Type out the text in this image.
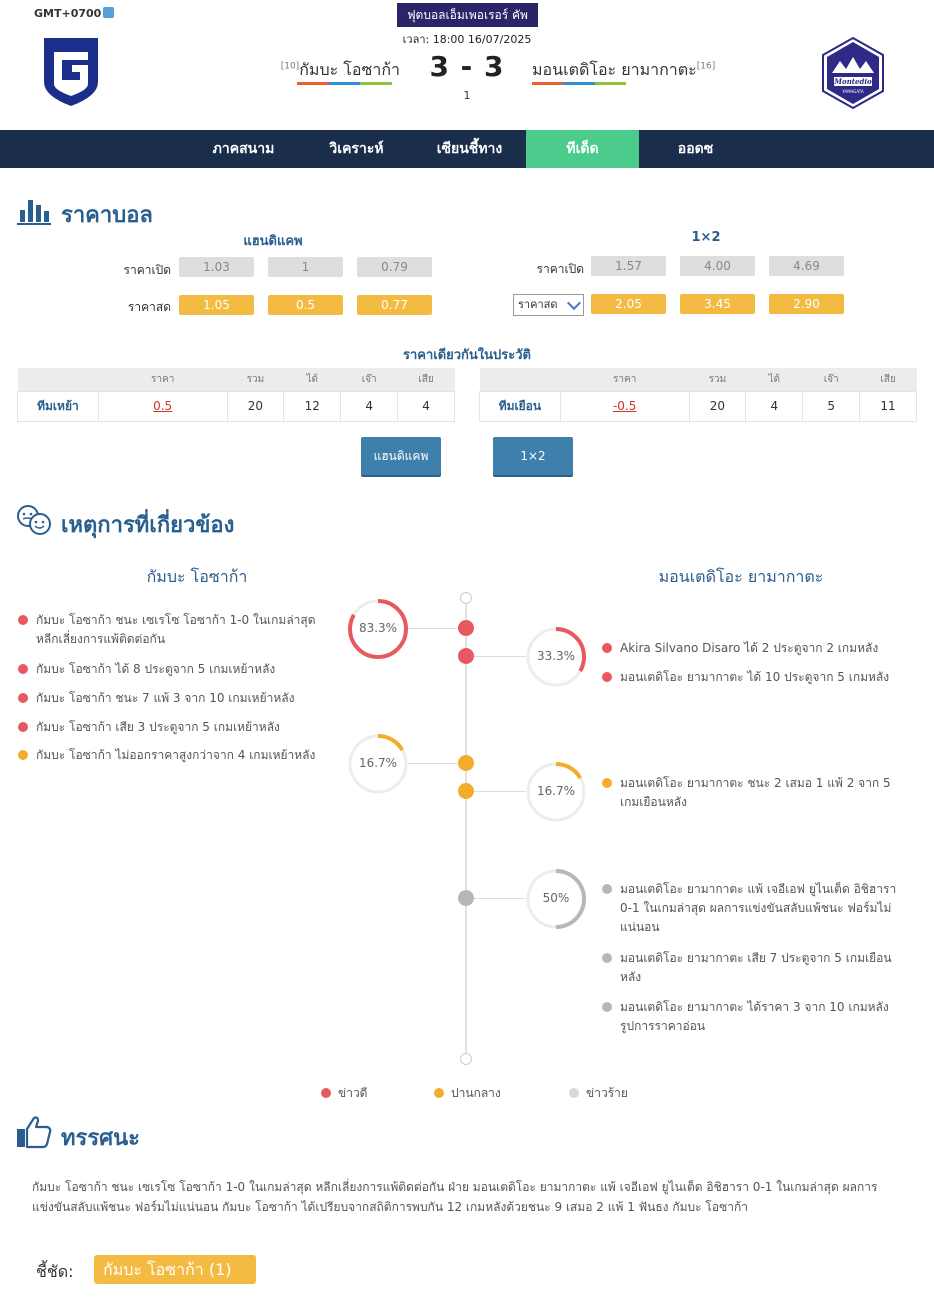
GMT+0700	ฟุตบอลเอ็มเพอเรอร์ คัพ
เวลา: 18:00 16/07/2025
Montedio
YAMAGATA
[10]กัมบะ โอซาก้า	3 - 3
1
มอนเตดิโอะ ยามากาตะ[16]
ภาคสนาม	วิเคราะห์	เซียนชี้ทาง	ทีเด็ด	ออดซ
ราคาบอล
แฮนดิแคพ	1×2
ราคาเปิด	1.03	1	0.79
ราคาสด	1.05	0.5	0.77
ราคาเปิด	1.57	4.00	4.69
ราคาสด	2.05	3.45	2.90
ราคาเดียวกันในประวัติ
	ราคา	รวม	ได้	เจ๊า	เสีย
ทีมเหย้า	0.5	20	12	4	4
	ราคา	รวม	ได้	เจ๊า	เสีย
ทีมเยือน	-0.5	20	4	5	11
แฮนดิแคพ	1×2
เหตุการที่เกี่ยวข้อง
กัมบะ โอซาก้า	มอนเตดิโอะ ยามากาตะ
83.3%
33.3%
16.7%
16.7%
50%
กัมบะ โอซาก้า ชนะ เซเรโซ โอซาก้า 1-0 ในเกมล่าสุด หลีกเลี่ยงการแพ้ติดต่อกัน
กัมบะ โอซาก้า ได้ 8 ประตูจาก 5 เกมเหย้าหลัง
กัมบะ โอซาก้า ชนะ 7 แพ้ 3 จาก 10 เกมเหย้าหลัง
กัมบะ โอซาก้า เสีย 3 ประตูจาก 5 เกมเหย้าหลัง
กัมบะ โอซาก้า ไม่ออกราคาสูงกว่าจาก 4 เกมเหย้าหลัง
Akira Silvano Disaro ได้ 2 ประตูจาก 2 เกมหลัง
มอนเตดิโอะ ยามากาตะ ได้ 10 ประตูจาก 5 เกมหลัง
มอนเตดิโอะ ยามากาตะ ชนะ 2 เสมอ 1 แพ้ 2 จาก 5 เกมเยือนหลัง
มอนเตดิโอะ ยามากาตะ แพ้ เจอีเอฟ ยูไนเต็ด อิชิฮารา 0-1 ในเกมล่าสุด ผลการแข่งขันสลับแพ้ชนะ ฟอร์มไม่แน่นอน
มอนเตดิโอะ ยามากาตะ เสีย 7 ประตูจาก 5 เกมเยือนหลัง
มอนเตดิโอะ ยามากาตะ ได้ราคา 3 จาก 10 เกมหลัง รูปการราคาอ่อน
ข่าวดี	ปานกลาง	ข่าวร้าย
ทรรศนะ
กัมบะ โอซาก้า ชนะ เซเรโซ โอซาก้า 1-0 ในเกมล่าสุด หลีกเลี่ยงการแพ้ติดต่อกัน ฝ่าย มอนเตดิโอะ ยามากาตะ แพ้ เจอีเอฟ ยูไนเต็ด อิชิฮารา 0-1 ในเกมล่าสุด ผลการแข่งขันสลับแพ้ชนะ ฟอร์มไม่แน่นอน กัมบะ โอซาก้า ได้เปรียบจากสถิติการพบกัน 12 เกมหลังด้วยชนะ 9 เสมอ 2 แพ้ 1 ฟันธง กัมบะ โอซาก้า
ชี้ชัด:	กัมบะ โอซาก้า (1)
